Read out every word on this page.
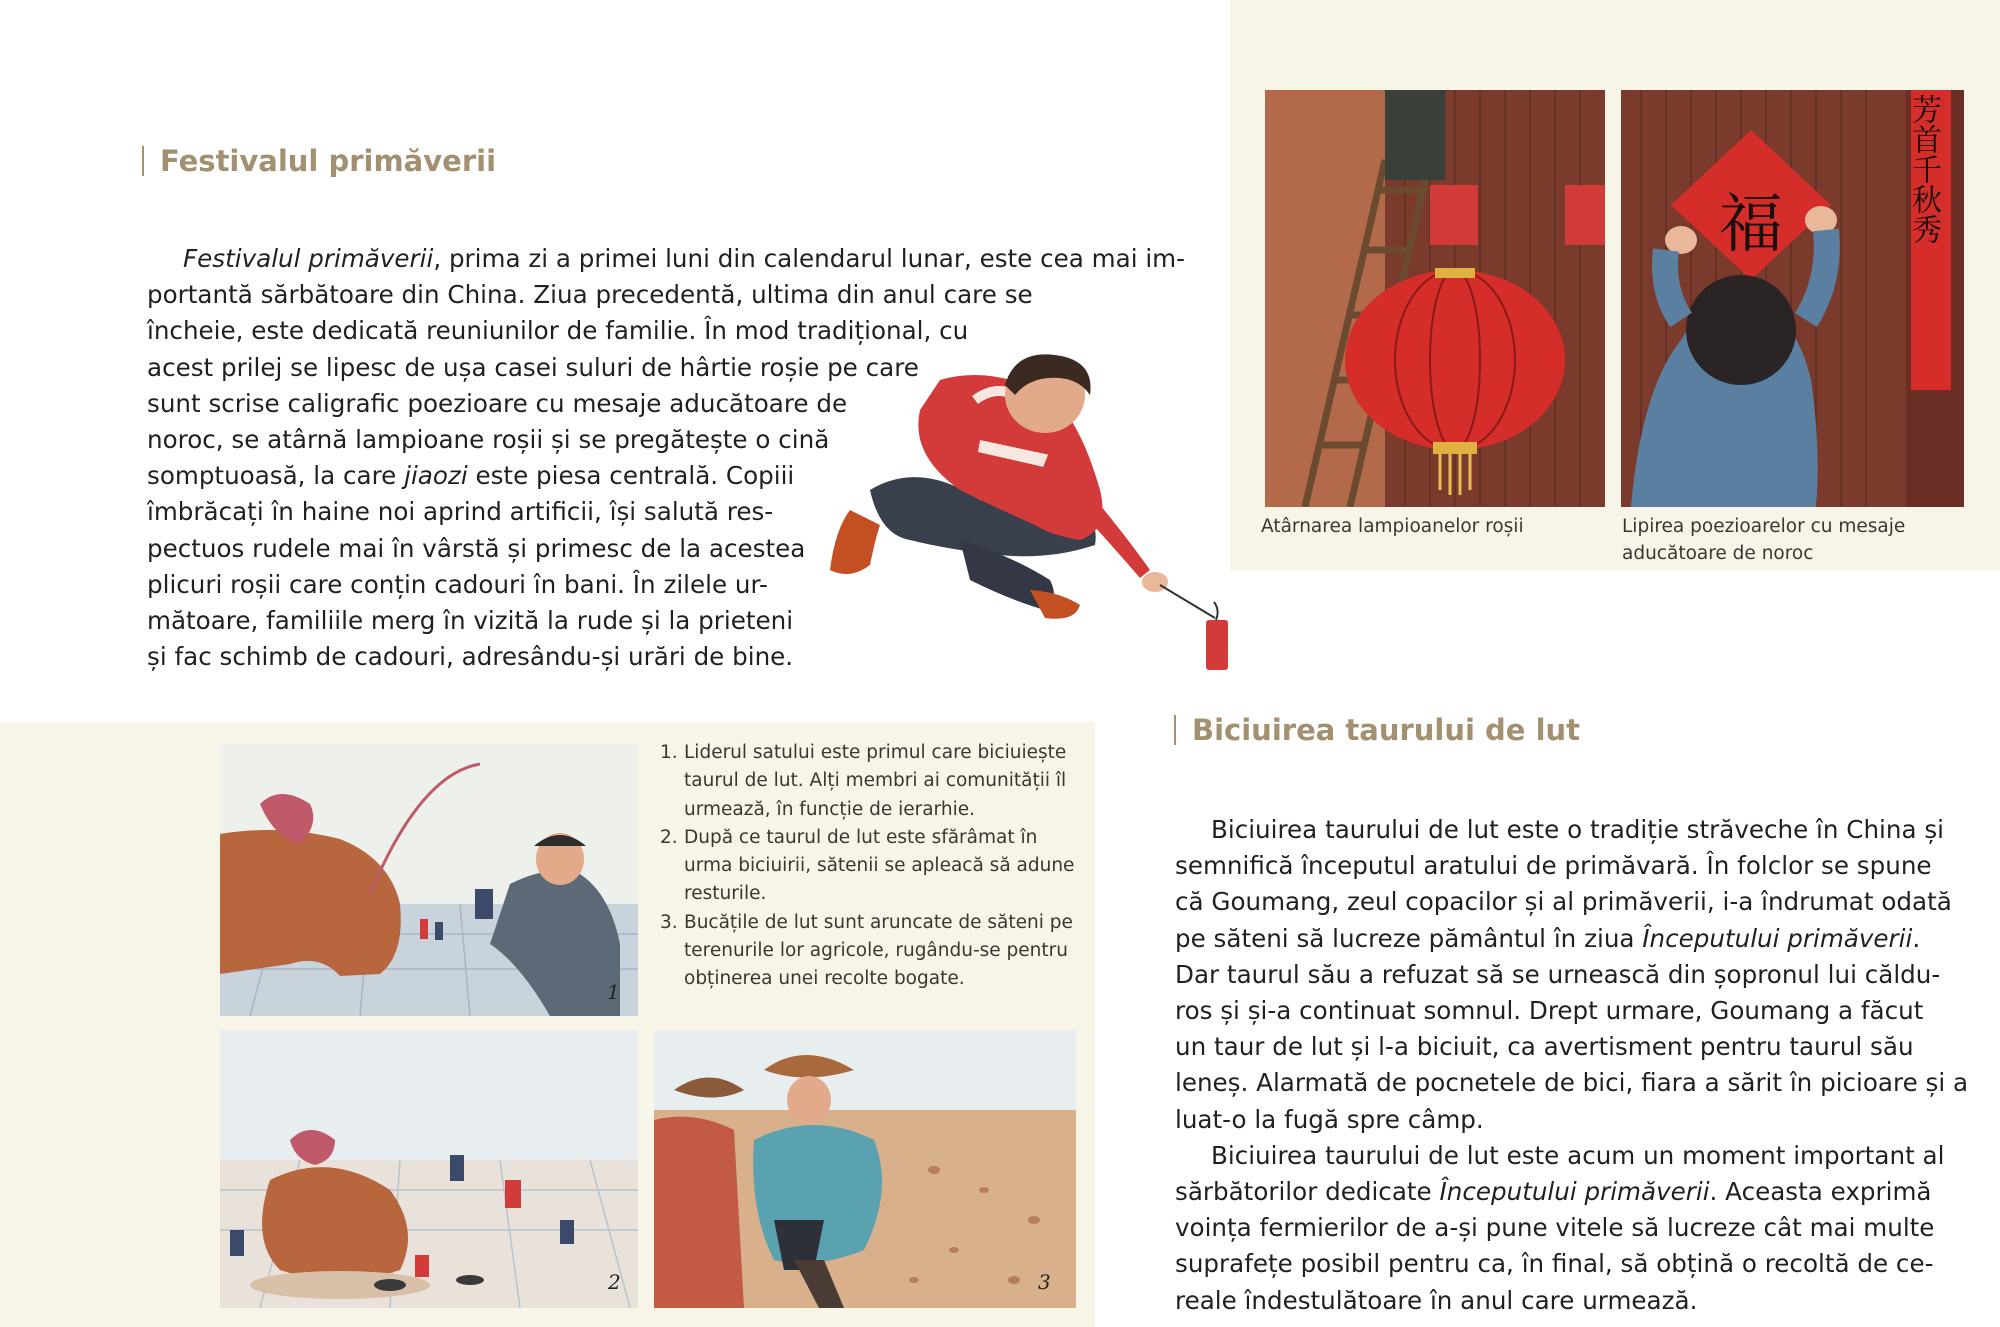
Festivalul primăverii
Festivalul primăverii, prima zi a primei luni din calendarul lunar, este cea mai im-
portantă sărbătoare din China. Ziua precedentă, ultima din anul care se
încheie, este dedicată reuniunilor de familie. În mod tradițional, cu
acest prilej se lipesc de ușa casei suluri de hârtie roșie pe care
sunt scrise caligrafic poezioare cu mesaje aducătoare de
noroc, se atârnă lampioane roșii și se pregătește o cină
somptuoasă, la care jiaozi este piesa centrală. Copiii
îmbrăcați în haine noi aprind artificii, își salută res-
pectuos rudele mai în vârstă și primesc de la acestea
plicuri roșii care conțin cadouri în bani. În zilele ur-
mătoare, familiile merg în vizită la rude și la prieteni
și fac schimb de cadouri, adresându-și urări de bine.
福	芳首千秋秀
Atârnarea lampioanelor roșii	Lipirea poezioarelor cu mesaje
aducătoare de noroc
Biciuirea taurului de lut
Biciuirea taurului de lut este o tradiție străveche în China și
semnifică începutul aratului de primăvară. În folclor se spune
că Goumang, zeul copacilor și al primăverii, i-a îndrumat odată
pe săteni să lucreze pământul în ziua Începutului primăverii.
Dar taurul său a refuzat să se urnească din șopronul lui căldu-
ros și și-a continuat somnul. Drept urmare, Goumang a făcut
un taur de lut și l-a biciuit, ca avertisment pentru taurul său
leneș. Alarmată de pocnetele de bici, fiara a sărit în picioare și a
luat-o la fugă spre câmp.
Biciuirea taurului de lut este acum un moment important al
sărbătorilor dedicate Începutului primăverii. Aceasta exprimă
voința fermierilor de a-și pune vitele să lucreze cât mai multe
suprafețe posibil pentru ca, în final, să obțină o recoltă de ce-
reale îndestulătoare în anul care urmează.
1
2	3
1. Liderul satului este primul care biciuiește
taurul de lut. Alți membri ai comunității îl
urmează, în funcție de ierarhie.
2. După ce taurul de lut este sfărâmat în
urma biciuirii, sătenii se apleacă să adune
resturile.
3. Bucățile de lut sunt aruncate de săteni pe
terenurile lor agricole, rugându-se pentru
obținerea unei recolte bogate.
